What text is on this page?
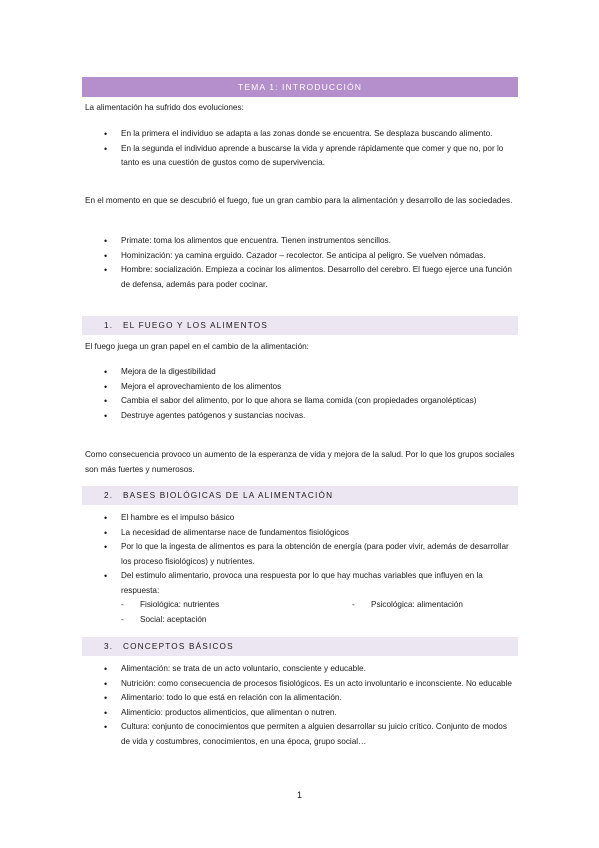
TEMA 1: INTRODUCCIÓN

La alimentación ha sufrido dos evoluciones:

• En la primera el individuo se adapta a las zonas donde se encuentra. Se desplaza buscando alimento.
• En la segunda el individuo aprende a buscarse la vida y aprende rápidamente que comer y que no, por lo tanto es una cuestión de gustos como de supervivencia.

En el momento en que se descubrió el fuego, fue un gran cambio para la alimentación y desarrollo de las sociedades.

• Primate: toma los alimentos que encuentra. Tienen instrumentos sencillos.
• Hominización: ya camina erguido. Cazador – recolector. Se anticipa al peligro. Se vuelven nómadas.
• Hombre: socialización. Empieza a cocinar los alimentos. Desarrollo del cerebro. El fuego ejerce una función de defensa, además para poder cocinar.
1. EL FUEGO Y LOS ALIMENTOS

El fuego juega un gran papel en el cambio de la alimentación:

• Mejora de la digestibilidad
• Mejora el aprovechamiento de los alimentos
• Cambia el sabor del alimento, por lo que ahora se llama comida (con propiedades organolépticas)
• Destruye agentes patógenos y sustancias nocivas.

Como consecuencia provoco un aumento de la esperanza de vida y mejora de la salud. Por lo que los grupos sociales son más fuertes y numerosos.

2. BASES BIOLÓGICAS DE LA ALIMENTACIÓN
• El hambre es el impulso básico
• La necesidad de alimentarse nace de fundamentos fisiológicos
• Por lo que la ingesta de alimentos es para la obtención de energía (para poder vivir, además de desarrollar los proceso fisiológicos) y nutrientes.
• Del estimulo alimentario, provoca una respuesta por lo que hay muchas variables que influyen en la respuesta:
-	Fisiológica: nutrientes	-	Psicológica: alimentación
-	Social: aceptación
3. CONCEPTOS BÁSICOS
• Alimentación: se trata de un acto voluntario, consciente y educable.
• Nutrición: como consecuencia de procesos fisiológicos. Es un acto involuntario e inconsciente. No educable
• Alimentario: todo lo que está en relación con la alimentación.
• Alimenticio: productos alimenticios, que alimentan o nutren.
• Cultura: conjunto de conocimientos que permiten a alguien desarrollar su juicio crítico. Conjunto de modos de vida y costumbres, conocimientos, en una época, grupo social…
1
